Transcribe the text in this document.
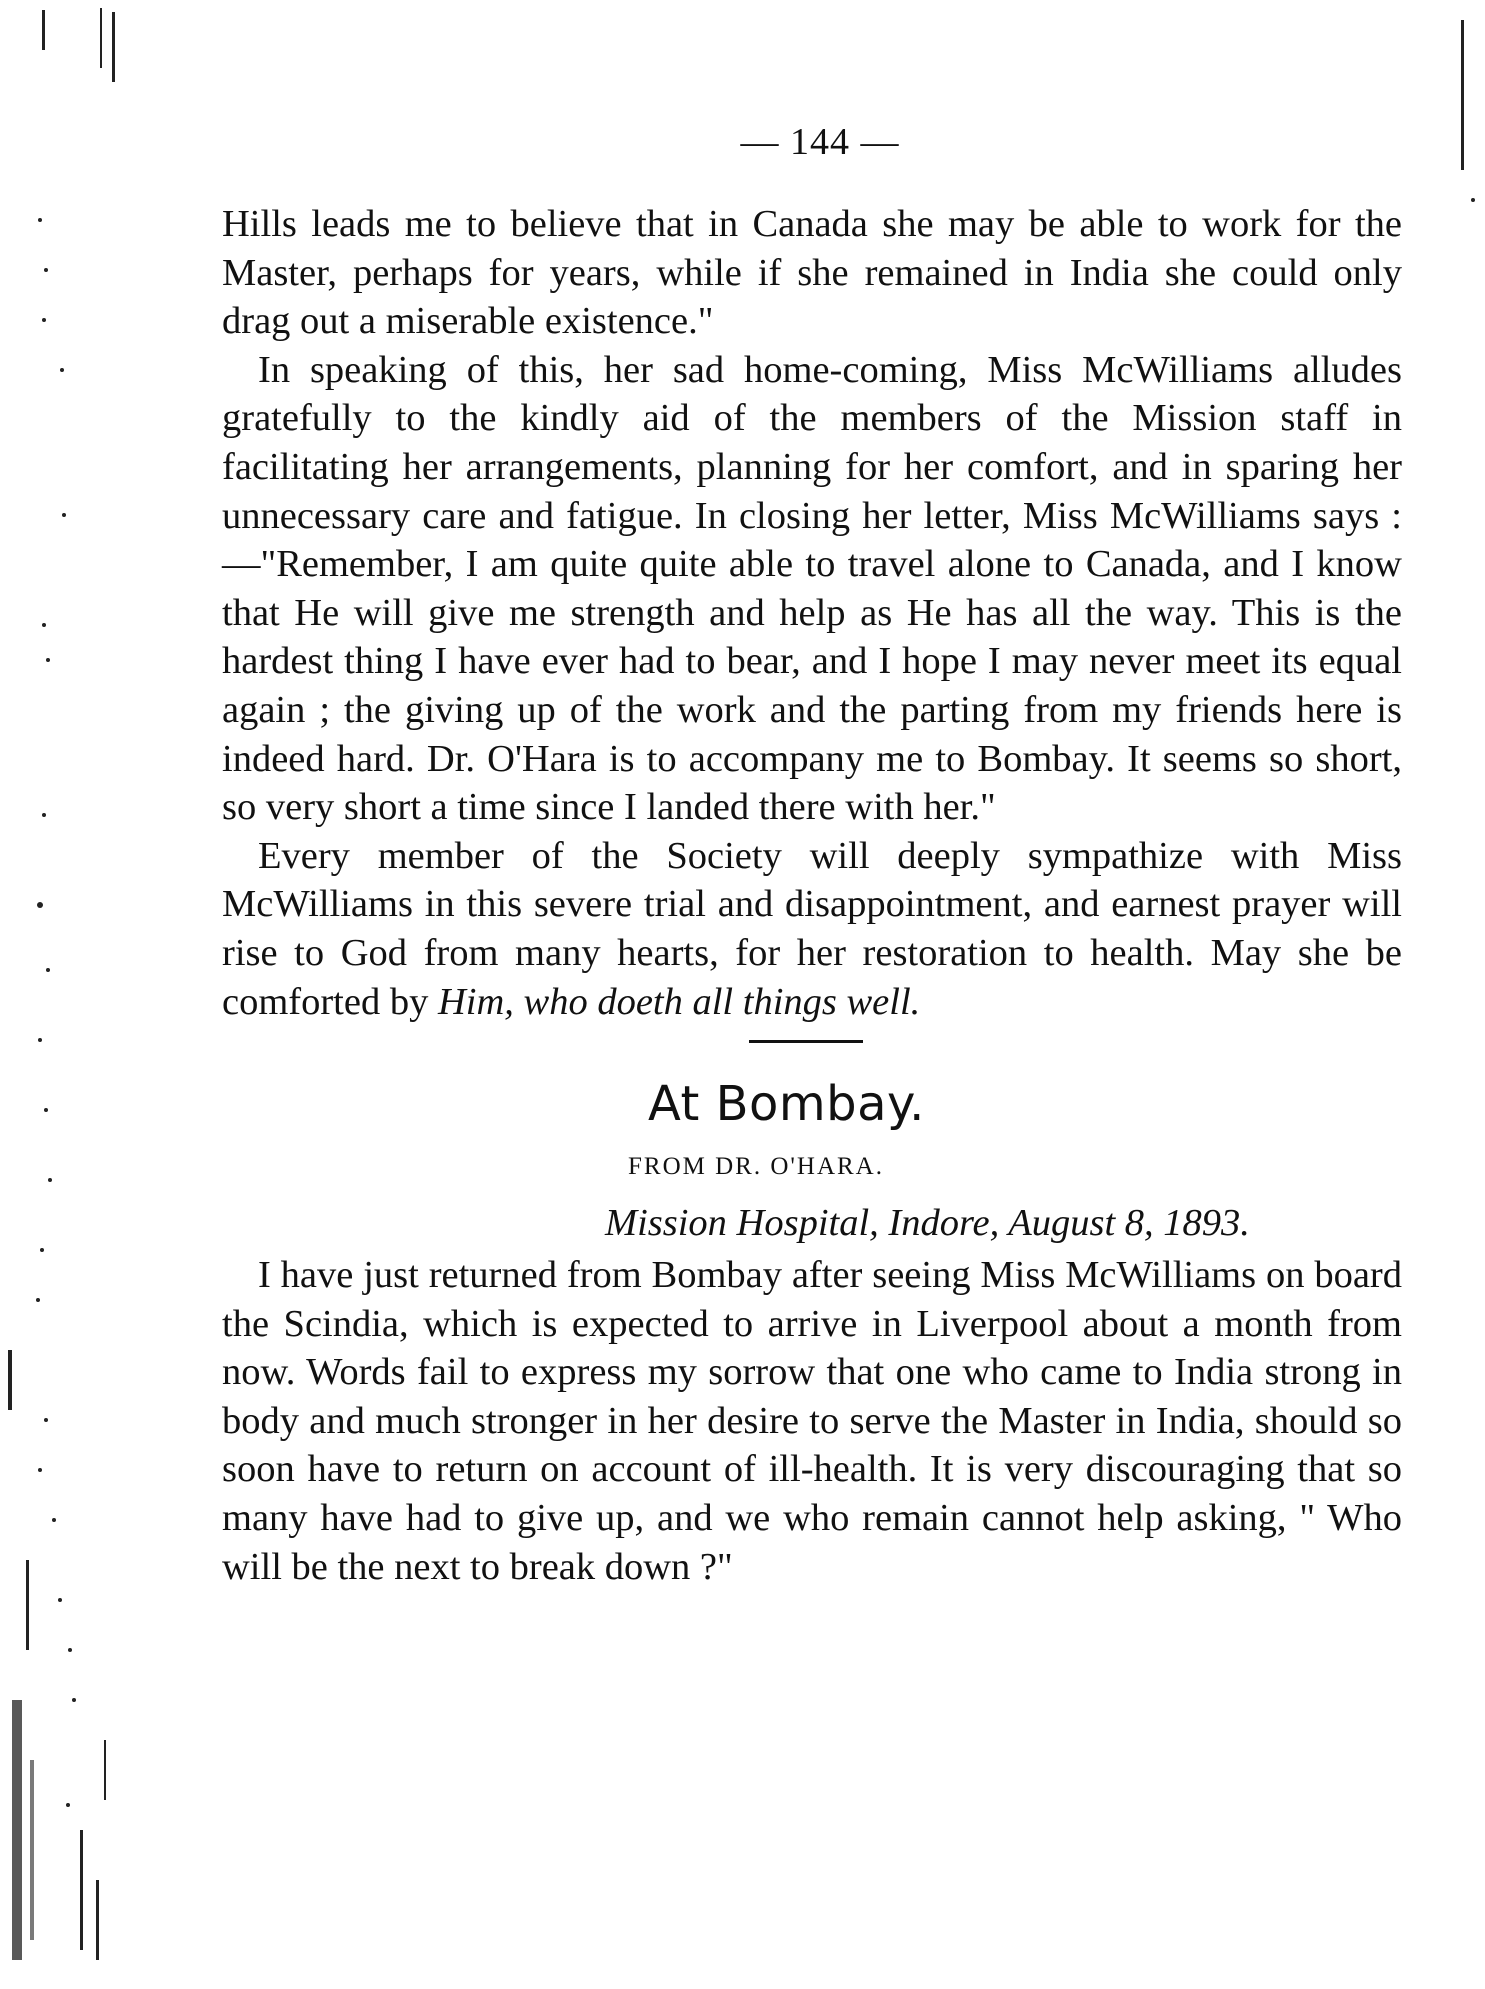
— 144 —

Hills leads me to believe that in Canada she may be able to work for the Master, perhaps for years, while if she remained in India she could only drag out a miserable existence."

In speaking of this, her sad home-coming, Miss McWilliams alludes gratefully to the kindly aid of the members of the Mission staff in facilitating her arrangements, planning for her comfort, and in sparing her unnecessary care and fatigue. In closing her letter, Miss McWilliams says :—"Remember, I am quite quite able to travel alone to Canada, and I know that He will give me strength and help as He has all the way. This is the hardest thing I have ever had to bear, and I hope I may never meet its equal again ; the giving up of the work and the parting from my friends here is indeed hard. Dr. O'Hara is to accompany me to Bombay. It seems so short, so very short a time since I landed there with her."

Every member of the Society will deeply sympathize with Miss McWilliams in this severe trial and disappointment, and earnest prayer will rise to God from many hearts, for her restoration to health. May she be comforted by Him, who doeth all things well.

At Bombay.

FROM DR. O'HARA.

Mission Hospital, Indore, August 8, 1893.

I have just returned from Bombay after seeing Miss McWilliams on board the Scindia, which is expected to arrive in Liverpool about a month from now. Words fail to express my sorrow that one who came to India strong in body and much stronger in her desire to serve the Master in India, should so soon have to return on account of ill-health. It is very discouraging that so many have had to give up, and we who remain cannot help asking, " Who will be the next to break down ?"
